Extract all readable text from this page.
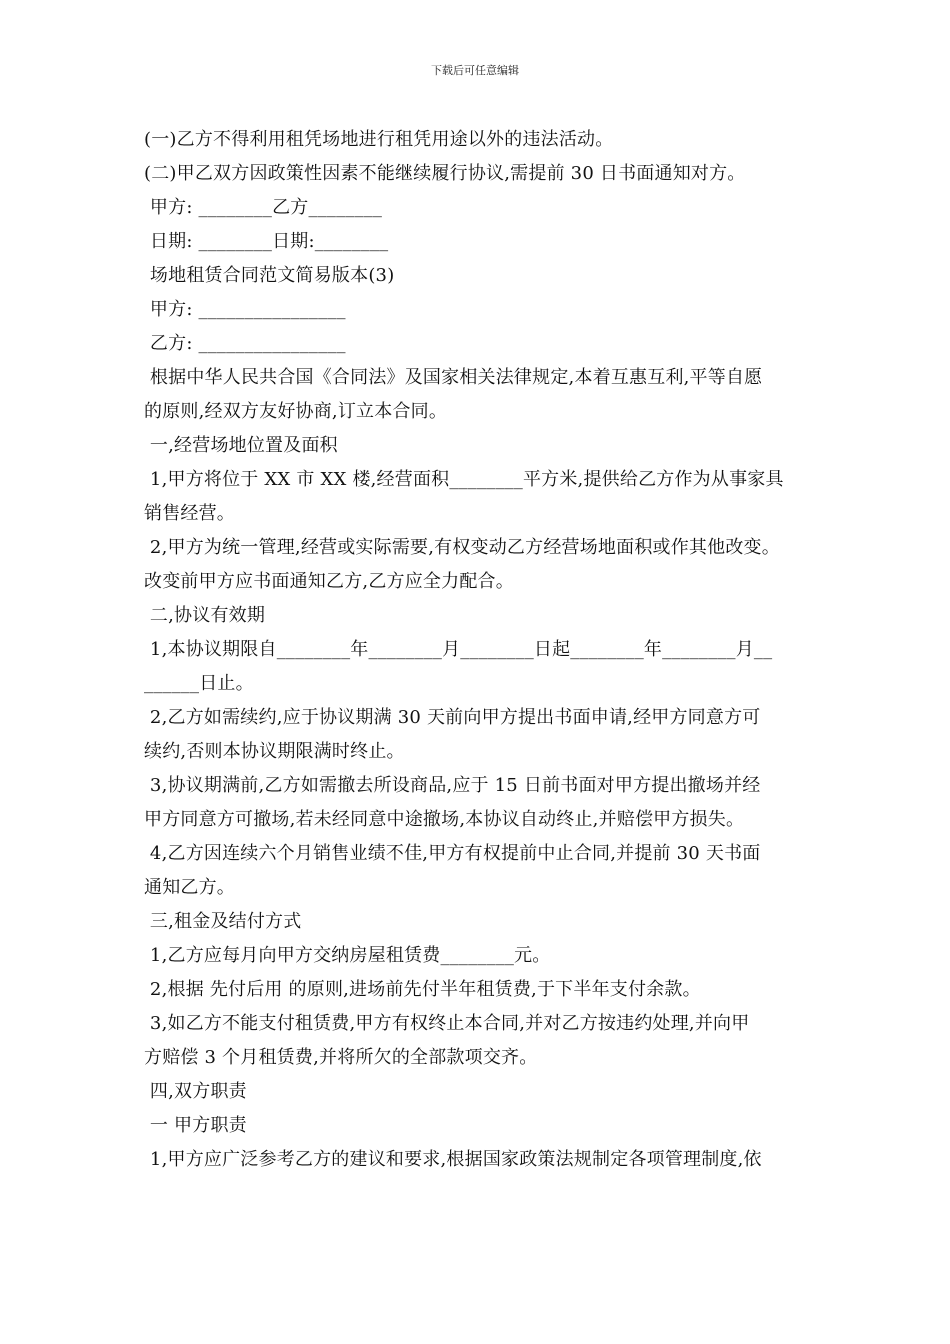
下载后可任意编辑
(一)乙方不得利用租凭场地进行租凭用途以外的违法活动。
(二)甲乙双方因政策性因素不能继续履行协议,需提前 30 日书面通知对方。
甲方: ________乙方________
日期: ________日期:________
场地租赁合同范文简易版本(3)
甲方: ________________
乙方: ________________
根据中华人民共合国《合同法》及国家相关法律规定,本着互惠互利,平等自愿
的原则,经双方友好协商,订立本合同。
一,经营场地位置及面积
1,甲方将位于 XX 市 XX 楼,经营面积________平方米,提供给乙方作为从事家具
销售经营。
2,甲方为统一管理,经营或实际需要,有权变动乙方经营场地面积或作其他改变。
改变前甲方应书面通知乙方,乙方应全力配合。
二,协议有效期
1,本协议期限自________年________月________日起________年________月__
______日止。
2,乙方如需续约,应于协议期满 30 天前向甲方提出书面申请,经甲方同意方可
续约,否则本协议期限满时终止。
3,协议期满前,乙方如需撤去所设商品,应于 15 日前书面对甲方提出撤场并经
甲方同意方可撤场,若未经同意中途撤场,本协议自动终止,并赔偿甲方损失。
4,乙方因连续六个月销售业绩不佳,甲方有权提前中止合同,并提前 30 天书面
通知乙方。
三,租金及结付方式
1,乙方应每月向甲方交纳房屋租赁费________元。
2,根据 先付后用 的原则,进场前先付半年租赁费,于下半年支付余款。
3,如乙方不能支付租赁费,甲方有权终止本合同,并对乙方按违约处理,并向甲
方赔偿 3 个月租赁费,并将所欠的全部款项交齐。
四,双方职责
一 甲方职责
1,甲方应广泛参考乙方的建议和要求,根据国家政策法规制定各项管理制度,依
